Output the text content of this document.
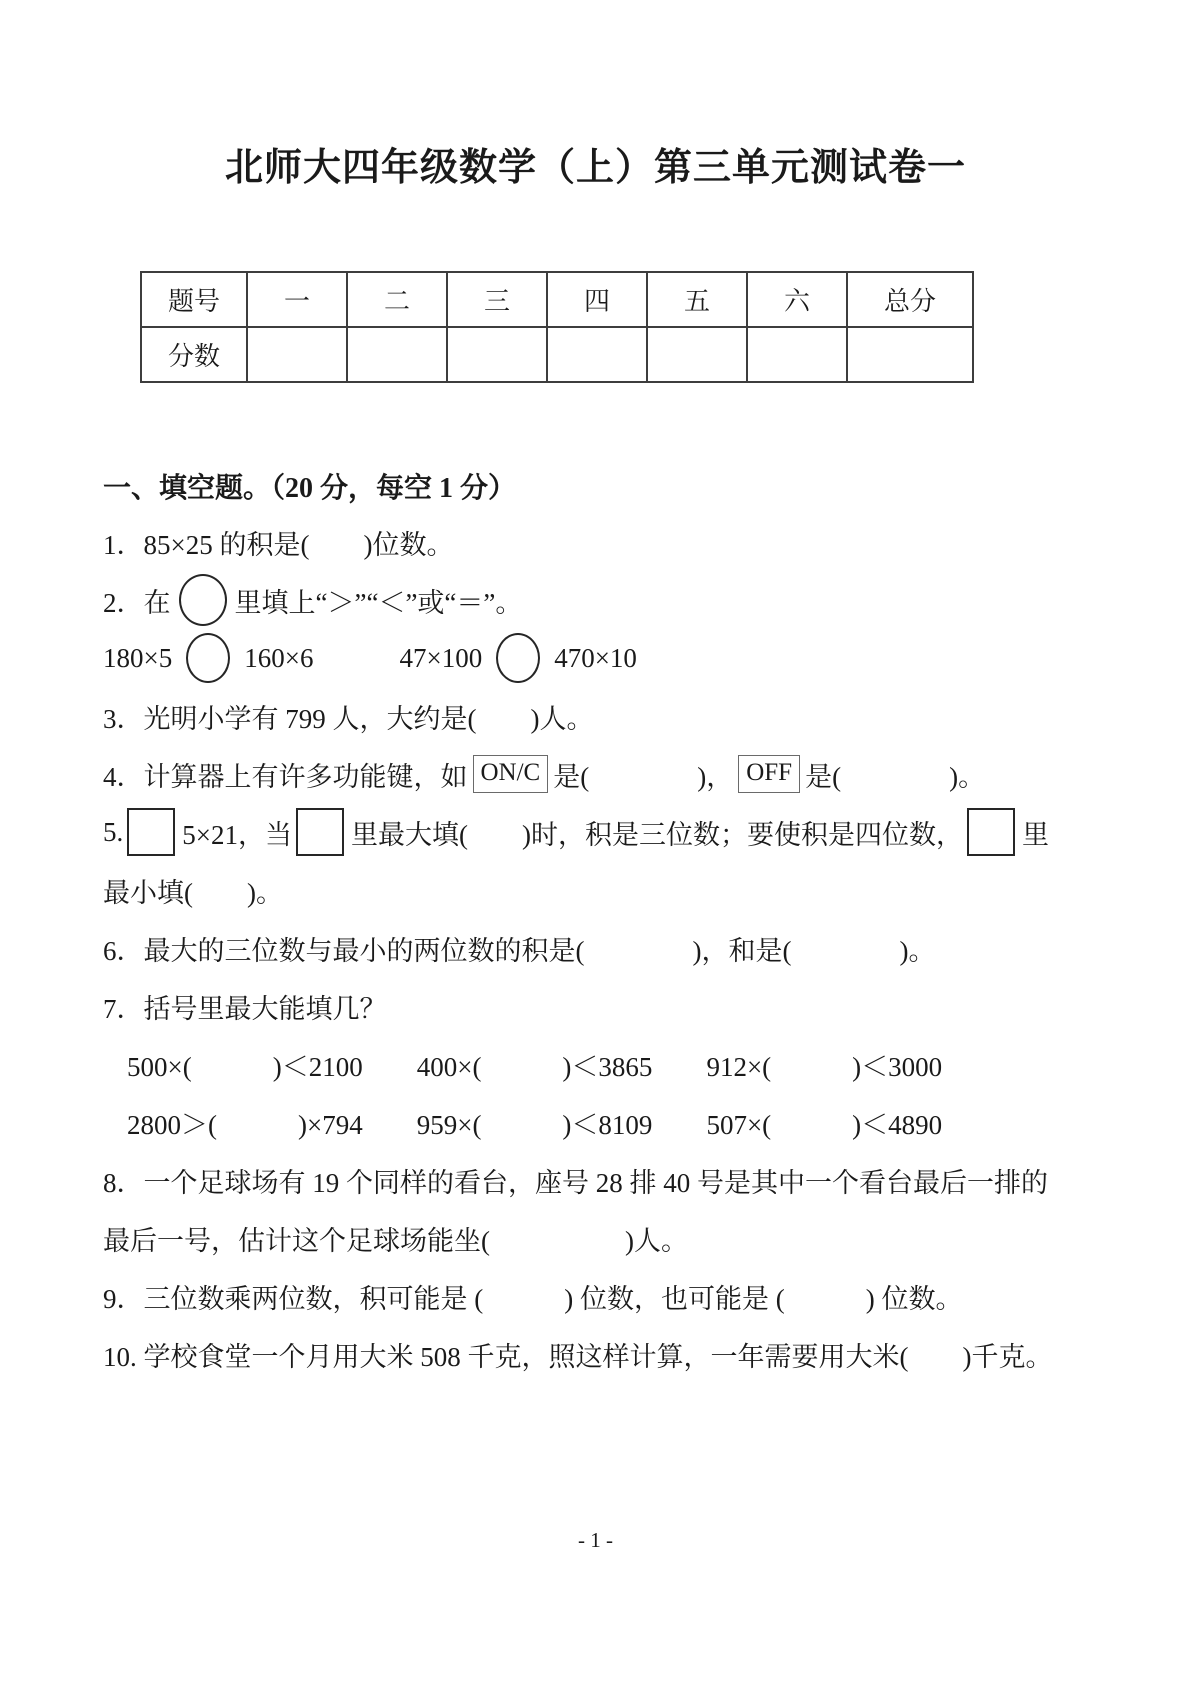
北师大四年级数学（上）第三单元测试卷一
题号	一	二	三	四	五	六	总分
分数							
一、填空题。（20 分，每空 1 分）
1．85×25 的积是(　　)位数。
2．在 里填上“＞”“＜”或“＝”。
180×5	160×6	47×100	470×10
3．光明小学有 799 人，大约是(　　)人。
4．计算器上有许多功能键，如 ON/C 是(　　　　)， OFF 是(　　　　)。
5. 5×21，当 里最大填(　　)时，积是三位数；要使积是四位数， 里
最小填(　　)。
6．最大的三位数与最小的两位数的积是(　　　　)，和是(　　　　)。
7．括号里最大能填几？
500×(　　　)＜2100 400×(　　　)＜3865 912×(　　　)＜3000
2800＞(　　　)×794 959×(　　　)＜8109 507×(　　　)＜4890
8．一个足球场有 19 个同样的看台，座号 28 排 40 号是其中一个看台最后一排的
最后一号，估计这个足球场能坐(　　　　　)人。
9．三位数乘两位数，积可能是 (　　　) 位数，也可能是 (　　　) 位数。
10. 学校食堂一个月用大米 508 千克，照这样计算，一年需要用大米(　　)千克。
- 1 -
